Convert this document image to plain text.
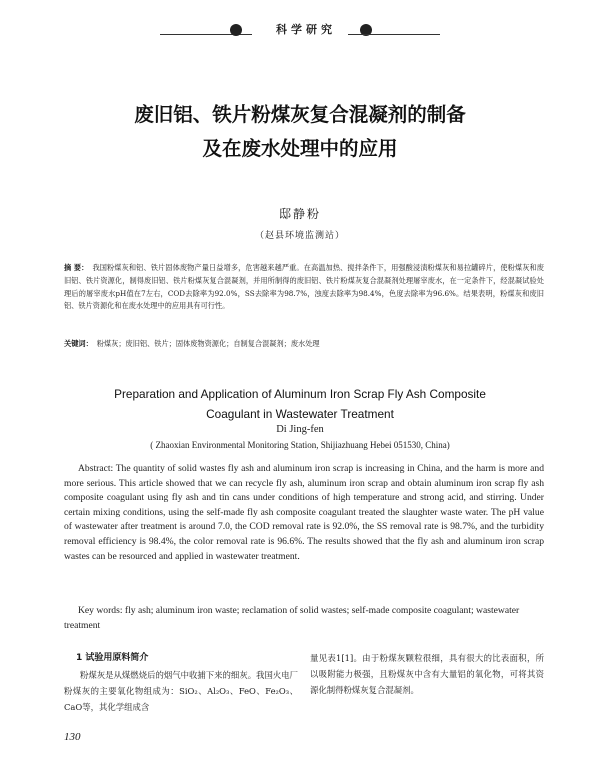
科学研究
废旧铝、铁片粉煤灰复合混凝剂的制备
及在废水处理中的应用
邸静粉
（赵县环境监测站）
摘 要： 我国粉煤灰和铝、铁片固体废物产量日益增多，危害越来越严重。在高温加热、搅拌条件下，用强酸浸渍粉煤灰和易拉罐碎片，使粉煤灰和废旧铝、铁片资源化，制得废旧铝、铁片粉煤灰复合混凝剂，并用所制得的废旧铝、铁片粉煤灰复合混凝剂处理屠宰废水，在一定条件下，经混凝试验处理后的屠宰废水pH值在7左右，COD去除率为92.0%，SS去除率为98.7%，浊度去除率为98.4%，色度去除率为96.6%。结果表明，粉煤灰和废旧铝、铁片资源化和在废水处理中的应用具有可行性。
关键词： 粉煤灰；废旧铝、铁片；固体废物资源化；自制复合混凝剂；废水处理
Preparation and Application of Aluminum Iron Scrap Fly Ash Composite
Coagulant in Wastewater Treatment
Di Jing-fen
( Zhaoxian Environmental Monitoring Station, Shijiazhuang Hebei 051530, China)
Abstract: The quantity of solid wastes fly ash and aluminum iron scrap is increasing in China, and the harm is more and more serious. This article showed that we can recycle fly ash, aluminum iron scrap and obtain aluminum iron scrap fly ash composite coagulant using fly ash and tin cans under conditions of high temperature and strong acid, and stirring. Under certain mixing conditions, using the self-made fly ash composite coagulant treated the slaughter waste water. The pH value of wastewater after treatment is around 7.0, the COD removal rate is 92.0%, the SS removal rate is 98.7%, and the turbidity removal efficiency is 98.4%, the color removal rate is 96.6%. The results showed that the fly ash and aluminum iron scrap wastes can be resourced and applied in wastewater treatment.
Key words: fly ash; aluminum iron waste; reclamation of solid wastes; self-made composite coagulant; wastewater treatment
1 试验用原料简介
粉煤灰是从煤燃烧后的烟气中收捕下来的细灰。我国火电厂粉煤灰的主要氧化物组成为：SiO₂、Al₂O₃、FeO、Fe₂O₃、CaO等，其化学组成含
量见表1[1]。由于粉煤灰颗粒很细，具有很大的比表面积，所以吸附能力极强，且粉煤灰中含有大量铝的氧化物，可将其资源化制得粉煤灰复合混凝剂。
130
